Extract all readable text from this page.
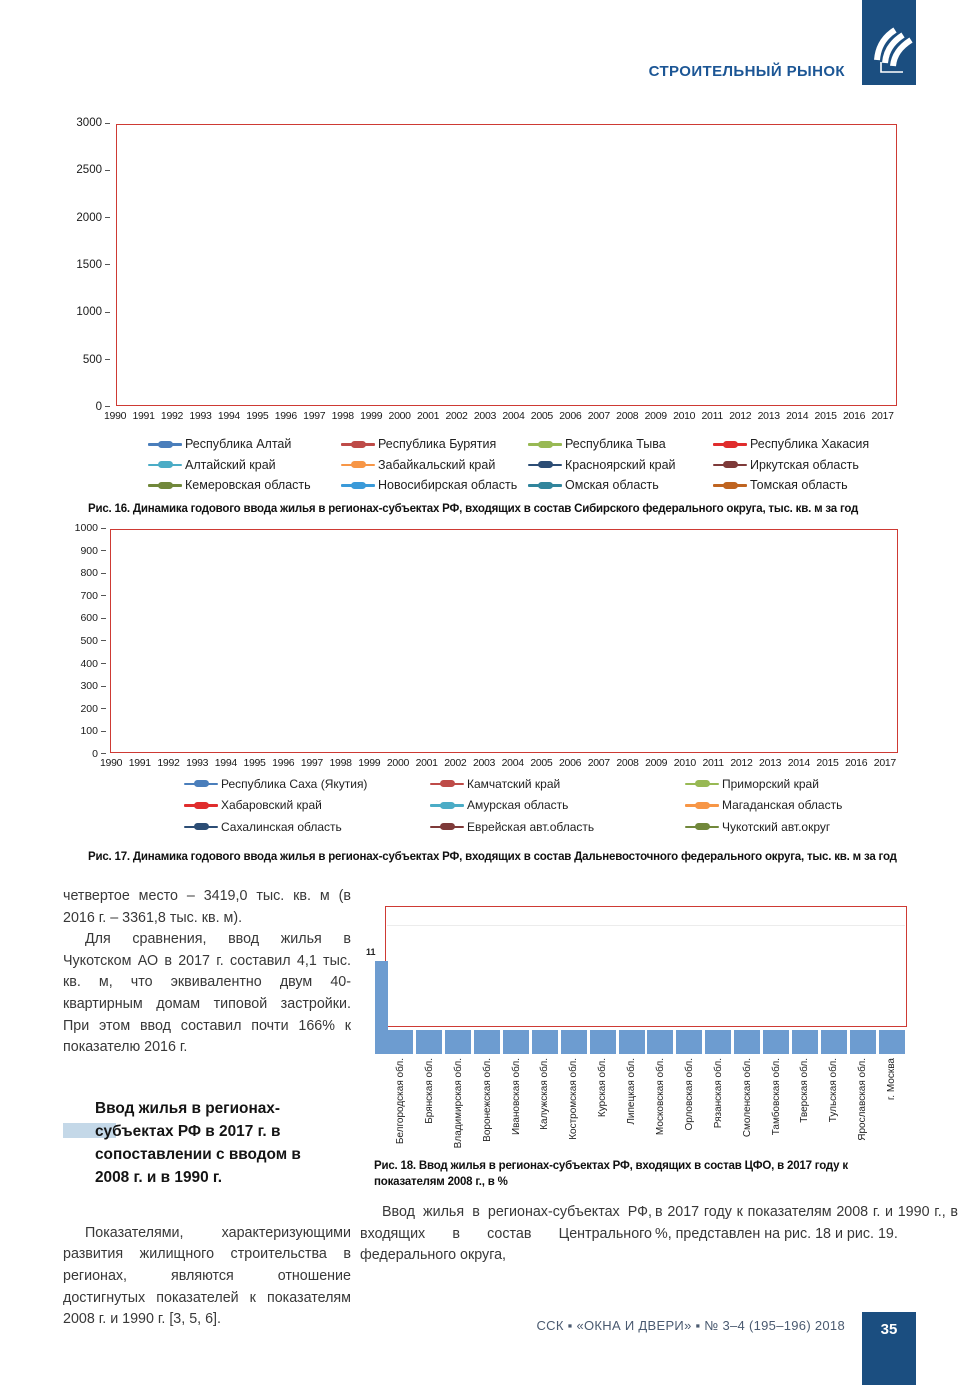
СТРОИТЕЛЬНЫЙ РЫНОК
3000
2500
2000
1500
1000
500
0
1990 1991 1992 1993 1994 1995 1996 1997 1998 1999 2000 2001 2002 2003 2004 2005 2006 2007 2008 2009 2010 2011 2012 2013 2014 2015 2016 2017
Республика Алтай	Республика Бурятия	Республика Тыва	Республика Хакасия
Алтайский край	Забайкальский край	Красноярский край	Иркутская область
Кемеровская область	Новосибирская область	Омская область	Томская область
Рис. 16. Динамика годового ввода жилья в регионах-субъектах РФ, входящих в состав Сибирского федерального округа, тыс. кв. м за год
1000
900
800
700
600
500
400
300
200
100
0
1990 1991 1992 1993 1994 1995 1996 1997 1998 1999 2000 2001 2002 2003 2004 2005 2006 2007 2008 2009 2010 2011 2012 2013 2014 2015 2016 2017
Республика Саха (Якутия)	Камчатский край	Приморский край
Хабаровский край	Амурская область	Магаданская область
Сахалинская область	Еврейская авт.область	Чукотский авт.округ
Рис. 17. Динамика годового ввода жилья в регионах-субъектах РФ, входящих в состав Дальневосточного федерального округа, тыс. кв. м за год

четвертое место – 3419,0 тыс. кв. м (в 2016 г. – 3361,8 тыс. кв. м).

Для сравнения, ввод жилья в Чукотском АО в 2017 г. составил 4,1 тыс. кв. м, что эквивалентно двум 40-квартирным домам типовой застройки. При этом ввод составил почти 166% к показателю 2016 г.

Ввод жилья в регионах-субъектах РФ в 2017 г. в сопоставлении с вводом в 2008 г. и в 1990 г.

Показателями, характеризующими развития жилищного строительства в регионах, являются отношение достигнутых показателей к показателям 2008 г. и 1990 г. [3, 5, 6].

11
Белгородская обл. Брянская обл. Владимирская обл. Воронежская обл. Ивановская обл. Калужская обл. Костромская обл. Курская обл. Липецкая обл. Московская обл. Орловская обл. Рязанская обл. Смоленская обл. Тамбовская обл. Тверская обл. Тульская обл. Ярославская обл. г. Москва
Рис. 18. Ввод жилья в регионах-субъектах РФ, входящих в состав ЦФО, в 2017 году к показателям 2008 г., в %

Ввод жилья в регионах-субъектах РФ, входящих в состав Центрального федерального округа,

в 2017 году к показателям 2008 г. и 1990 г., в %, представлен на рис. 18 и рис. 19.

ССК ▪ «ОКНА И ДВЕРИ» ▪ № 3–4 (195–196) 2018	35
